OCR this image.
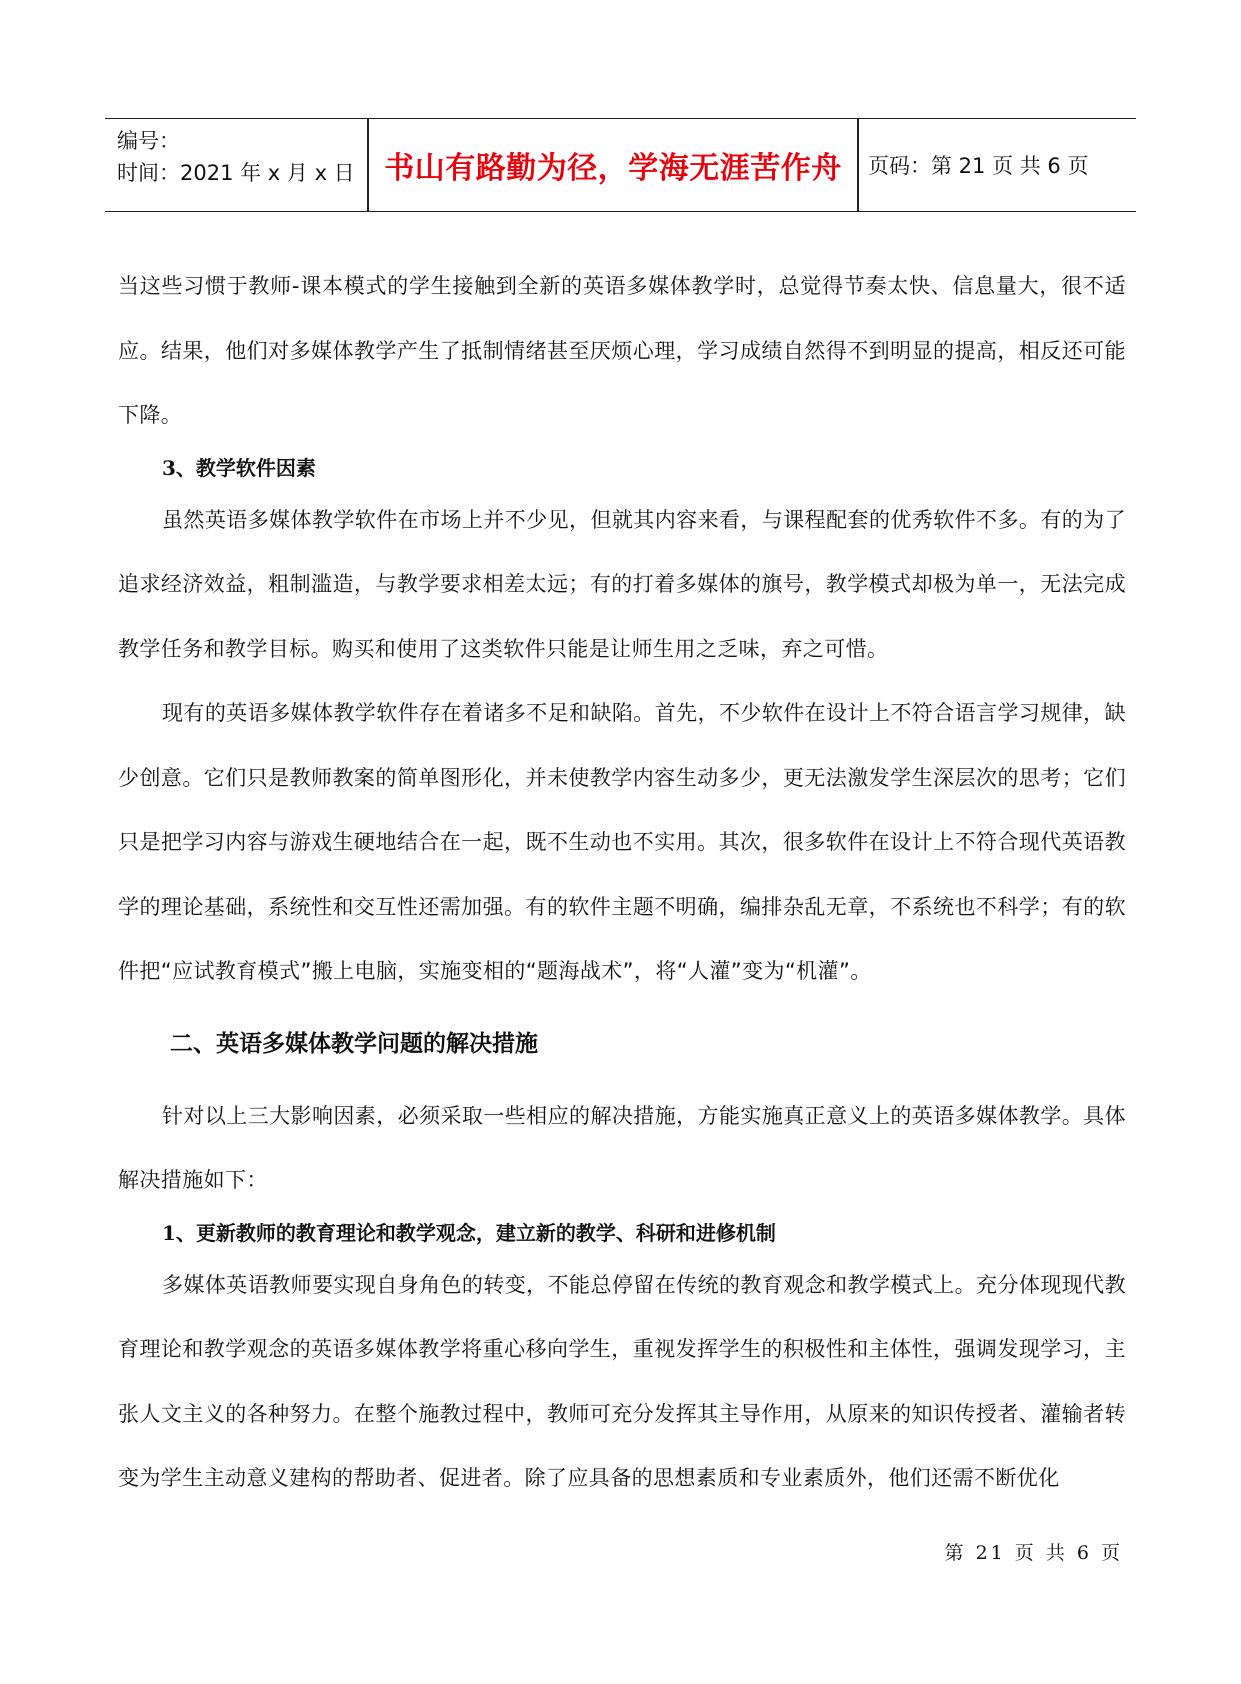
编号：
时间：2021 年 x 月 x 日 书山有路勤为径，学海无涯苦作舟	页码：第 21 页 共 6 页

当这些习惯于教师-课本模式的学生接触到全新的英语多媒体教学时，总觉得节奏太快、信息量大，很不适应。结果，他们对多媒体教学产生了抵制情绪甚至厌烦心理，学习成绩自然得不到明显的提高，相反还可能下降。

3、教学软件因素

虽然英语多媒体教学软件在市场上并不少见，但就其内容来看，与课程配套的优秀软件不多。有的为了追求经济效益，粗制滥造，与教学要求相差太远；有的打着多媒体的旗号，教学模式却极为单一，无法完成教学任务和教学目标。购买和使用了这类软件只能是让师生用之乏味，弃之可惜。

现有的英语多媒体教学软件存在着诸多不足和缺陷。首先，不少软件在设计上不符合语言学习规律，缺少创意。它们只是教师教案的简单图形化，并未使教学内容生动多少，更无法激发学生深层次的思考；它们只是把学习内容与游戏生硬地结合在一起，既不生动也不实用。其次，很多软件在设计上不符合现代英语教学的理论基础，系统性和交互性还需加强。有的软件主题不明确，编排杂乱无章，不系统也不科学；有的软件把“应试教育模式”搬上电脑，实施变相的“题海战术”，将“人灌”变为“机灌”。

二、英语多媒体教学问题的解决措施

针对以上三大影响因素，必须采取一些相应的解决措施，方能实施真正意义上的英语多媒体教学。具体解决措施如下：

1、更新教师的教育理论和教学观念，建立新的教学、科研和进修机制

多媒体英语教师要实现自身角色的转变，不能总停留在传统的教育观念和教学模式上。充分体现现代教育理论和教学观念的英语多媒体教学将重心移向学生，重视发挥学生的积极性和主体性，强调发现学习，主张人文主义的各种努力。在整个施教过程中，教师可充分发挥其主导作用，从原来的知识传授者、灌输者转变为学生主动意义建构的帮助者、促进者。除了应具备的思想素质和专业素质外，他们还需不断优化

第 21 页 共 6 页
